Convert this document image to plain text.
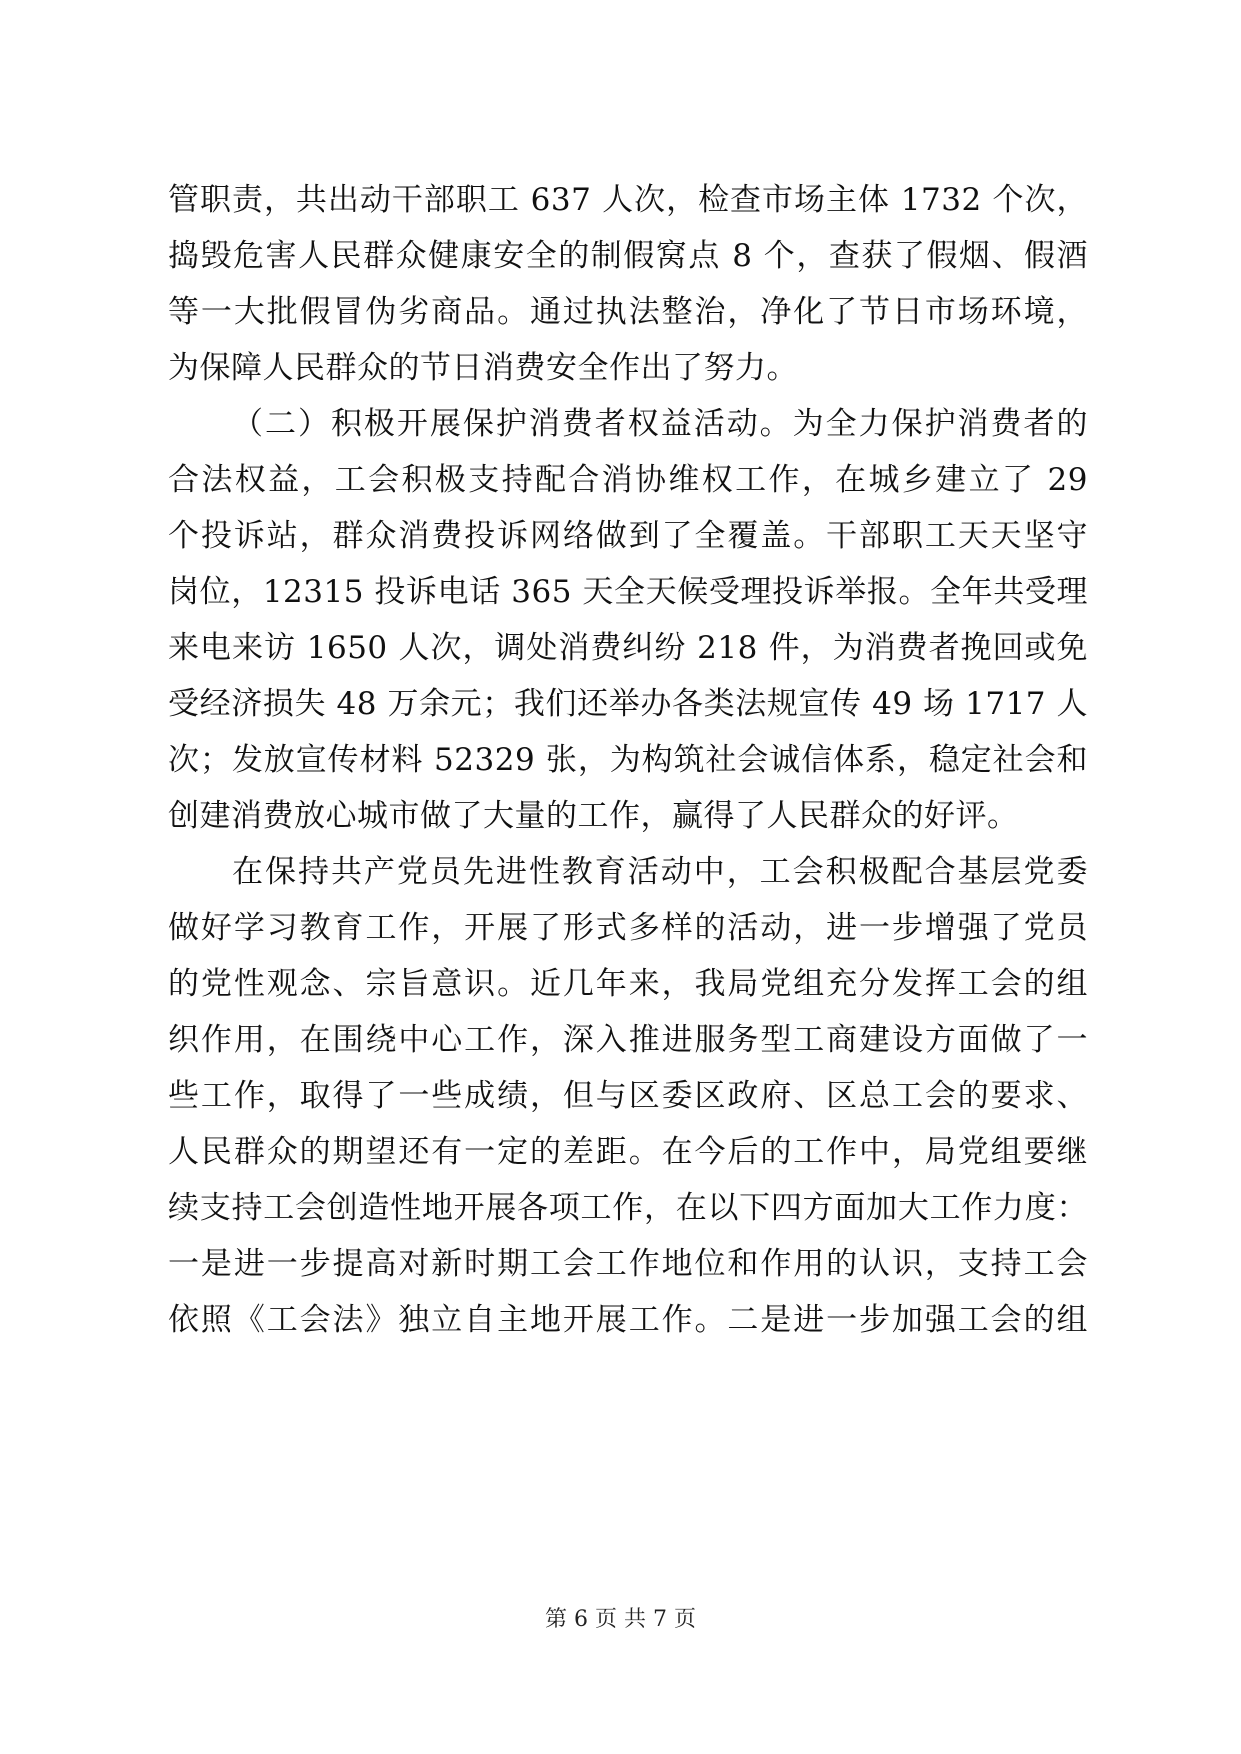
管职责，共出动干部职工 637 人次，检查市场主体 1732 个次，
捣毁危害人民群众健康安全的制假窝点 8 个，查获了假烟、假酒
等一大批假冒伪劣商品。通过执法整治，净化了节日市场环境，
为保障人民群众的节日消费安全作出了努力。
（二）积极开展保护消费者权益活动。为全力保护消费者的
合法权益，工会积极支持配合消协维权工作，在城乡建立了 29
个投诉站，群众消费投诉网络做到了全覆盖。干部职工天天坚守
岗位，12315 投诉电话 365 天全天候受理投诉举报。全年共受理
来电来访 1650 人次，调处消费纠纷 218 件，为消费者挽回或免
受经济损失 48 万余元；我们还举办各类法规宣传 49 场 1717 人
次；发放宣传材料 52329 张，为构筑社会诚信体系，稳定社会和
创建消费放心城市做了大量的工作，赢得了人民群众的好评。
在保持共产党员先进性教育活动中，工会积极配合基层党委
做好学习教育工作，开展了形式多样的活动，进一步增强了党员
的党性观念、宗旨意识。近几年来，我局党组充分发挥工会的组
织作用，在围绕中心工作，深入推进服务型工商建设方面做了一
些工作，取得了一些成绩，但与区委区政府、区总工会的要求、
人民群众的期望还有一定的差距。在今后的工作中，局党组要继
续支持工会创造性地开展各项工作，在以下四方面加大工作力度：
一是进一步提高对新时期工会工作地位和作用的认识，支持工会
依照《工会法》独立自主地开展工作。二是进一步加强工会的组
第 6 页 共 7 页
